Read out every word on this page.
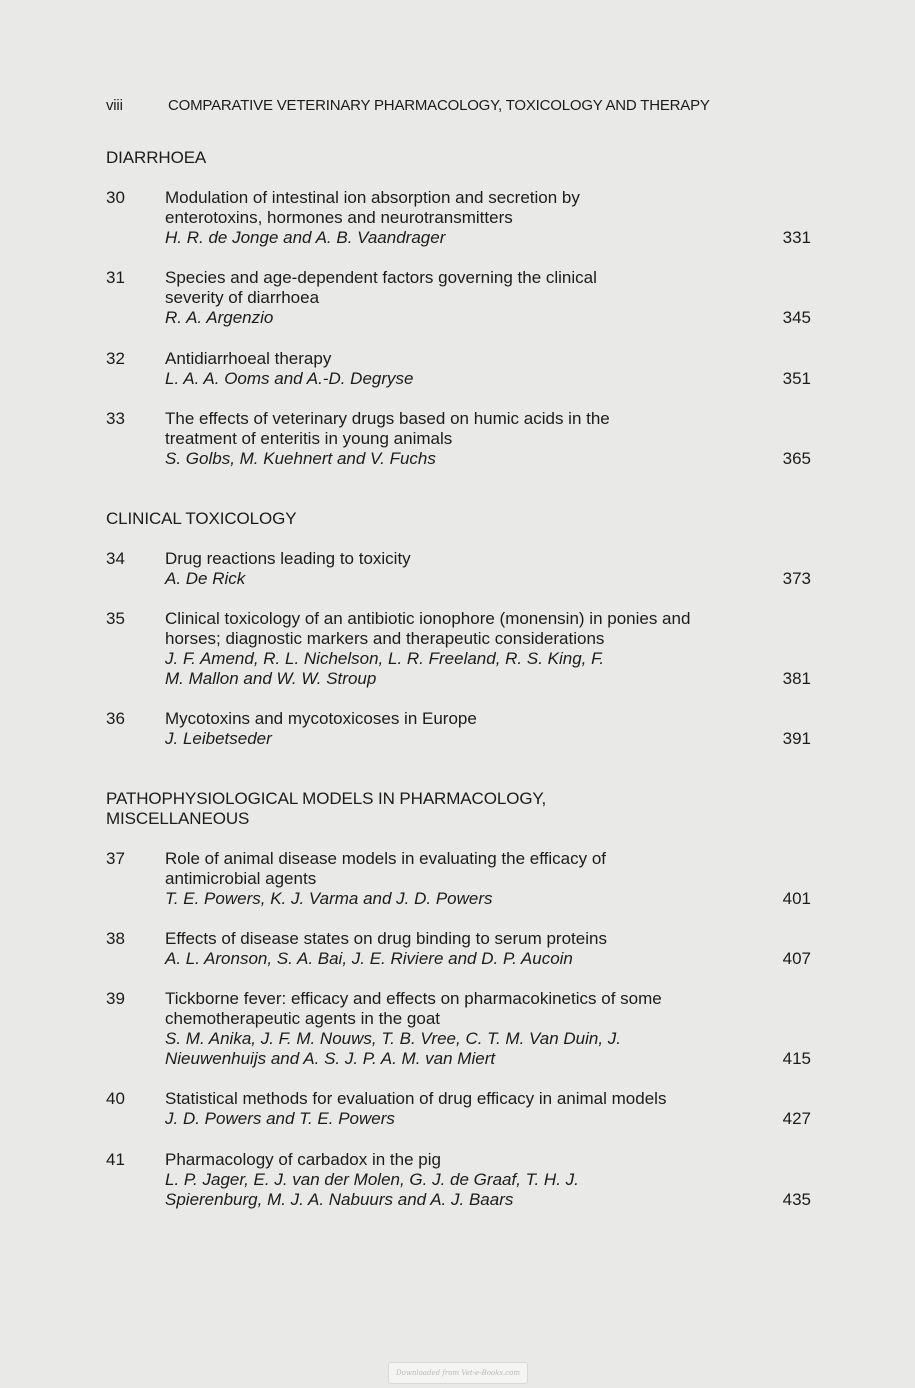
viii	COMPARATIVE VETERINARY PHARMACOLOGY, TOXICOLOGY AND THERAPY
DIARRHOEA
30 Modulation of intestinal ion absorption and secretion by enterotoxins, hormones and neurotransmitters
H. R. de Jonge and A. B. Vaandrager	331
31 Species and age-dependent factors governing the clinical severity of diarrhoea
R. A. Argenzio	345
32 Antidiarrhoeal therapy
L. A. A. Ooms and A.-D. Degryse	351
33 The effects of veterinary drugs based on humic acids in the treatment of enteritis in young animals
S. Golbs, M. Kuehnert and V. Fuchs	365
CLINICAL TOXICOLOGY
34 Drug reactions leading to toxicity
A. De Rick	373
35 Clinical toxicology of an antibiotic ionophore (monensin) in ponies and horses; diagnostic markers and therapeutic considerations
J. F. Amend, R. L. Nichelson, L. R. Freeland, R. S. King, F. M. Mallon and W. W. Stroup	381
36 Mycotoxins and mycotoxicoses in Europe
J. Leibetseder	391
PATHOPHYSIOLOGICAL MODELS IN PHARMACOLOGY, MISCELLANEOUS
37 Role of animal disease models in evaluating the efficacy of antimicrobial agents
T. E. Powers, K. J. Varma and J. D. Powers	401
38 Effects of disease states on drug binding to serum proteins
A. L. Aronson, S. A. Bai, J. E. Riviere and D. P. Aucoin	407
39 Tickborne fever: efficacy and effects on pharmacokinetics of some chemotherapeutic agents in the goat
S. M. Anika, J. F. M. Nouws, T. B. Vree, C. T. M. Van Duin, J. Nieuwenhuijs and A. S. J. P. A. M. van Miert	415
40 Statistical methods for evaluation of drug efficacy in animal models
J. D. Powers and T. E. Powers	427
41 Pharmacology of carbadox in the pig
L. P. Jager, E. J. van der Molen, G. J. de Graaf, T. H. J. Spierenburg, M. J. A. Nabuurs and A. J. Baars	435
Downloaded from Vet-e-Books.com
